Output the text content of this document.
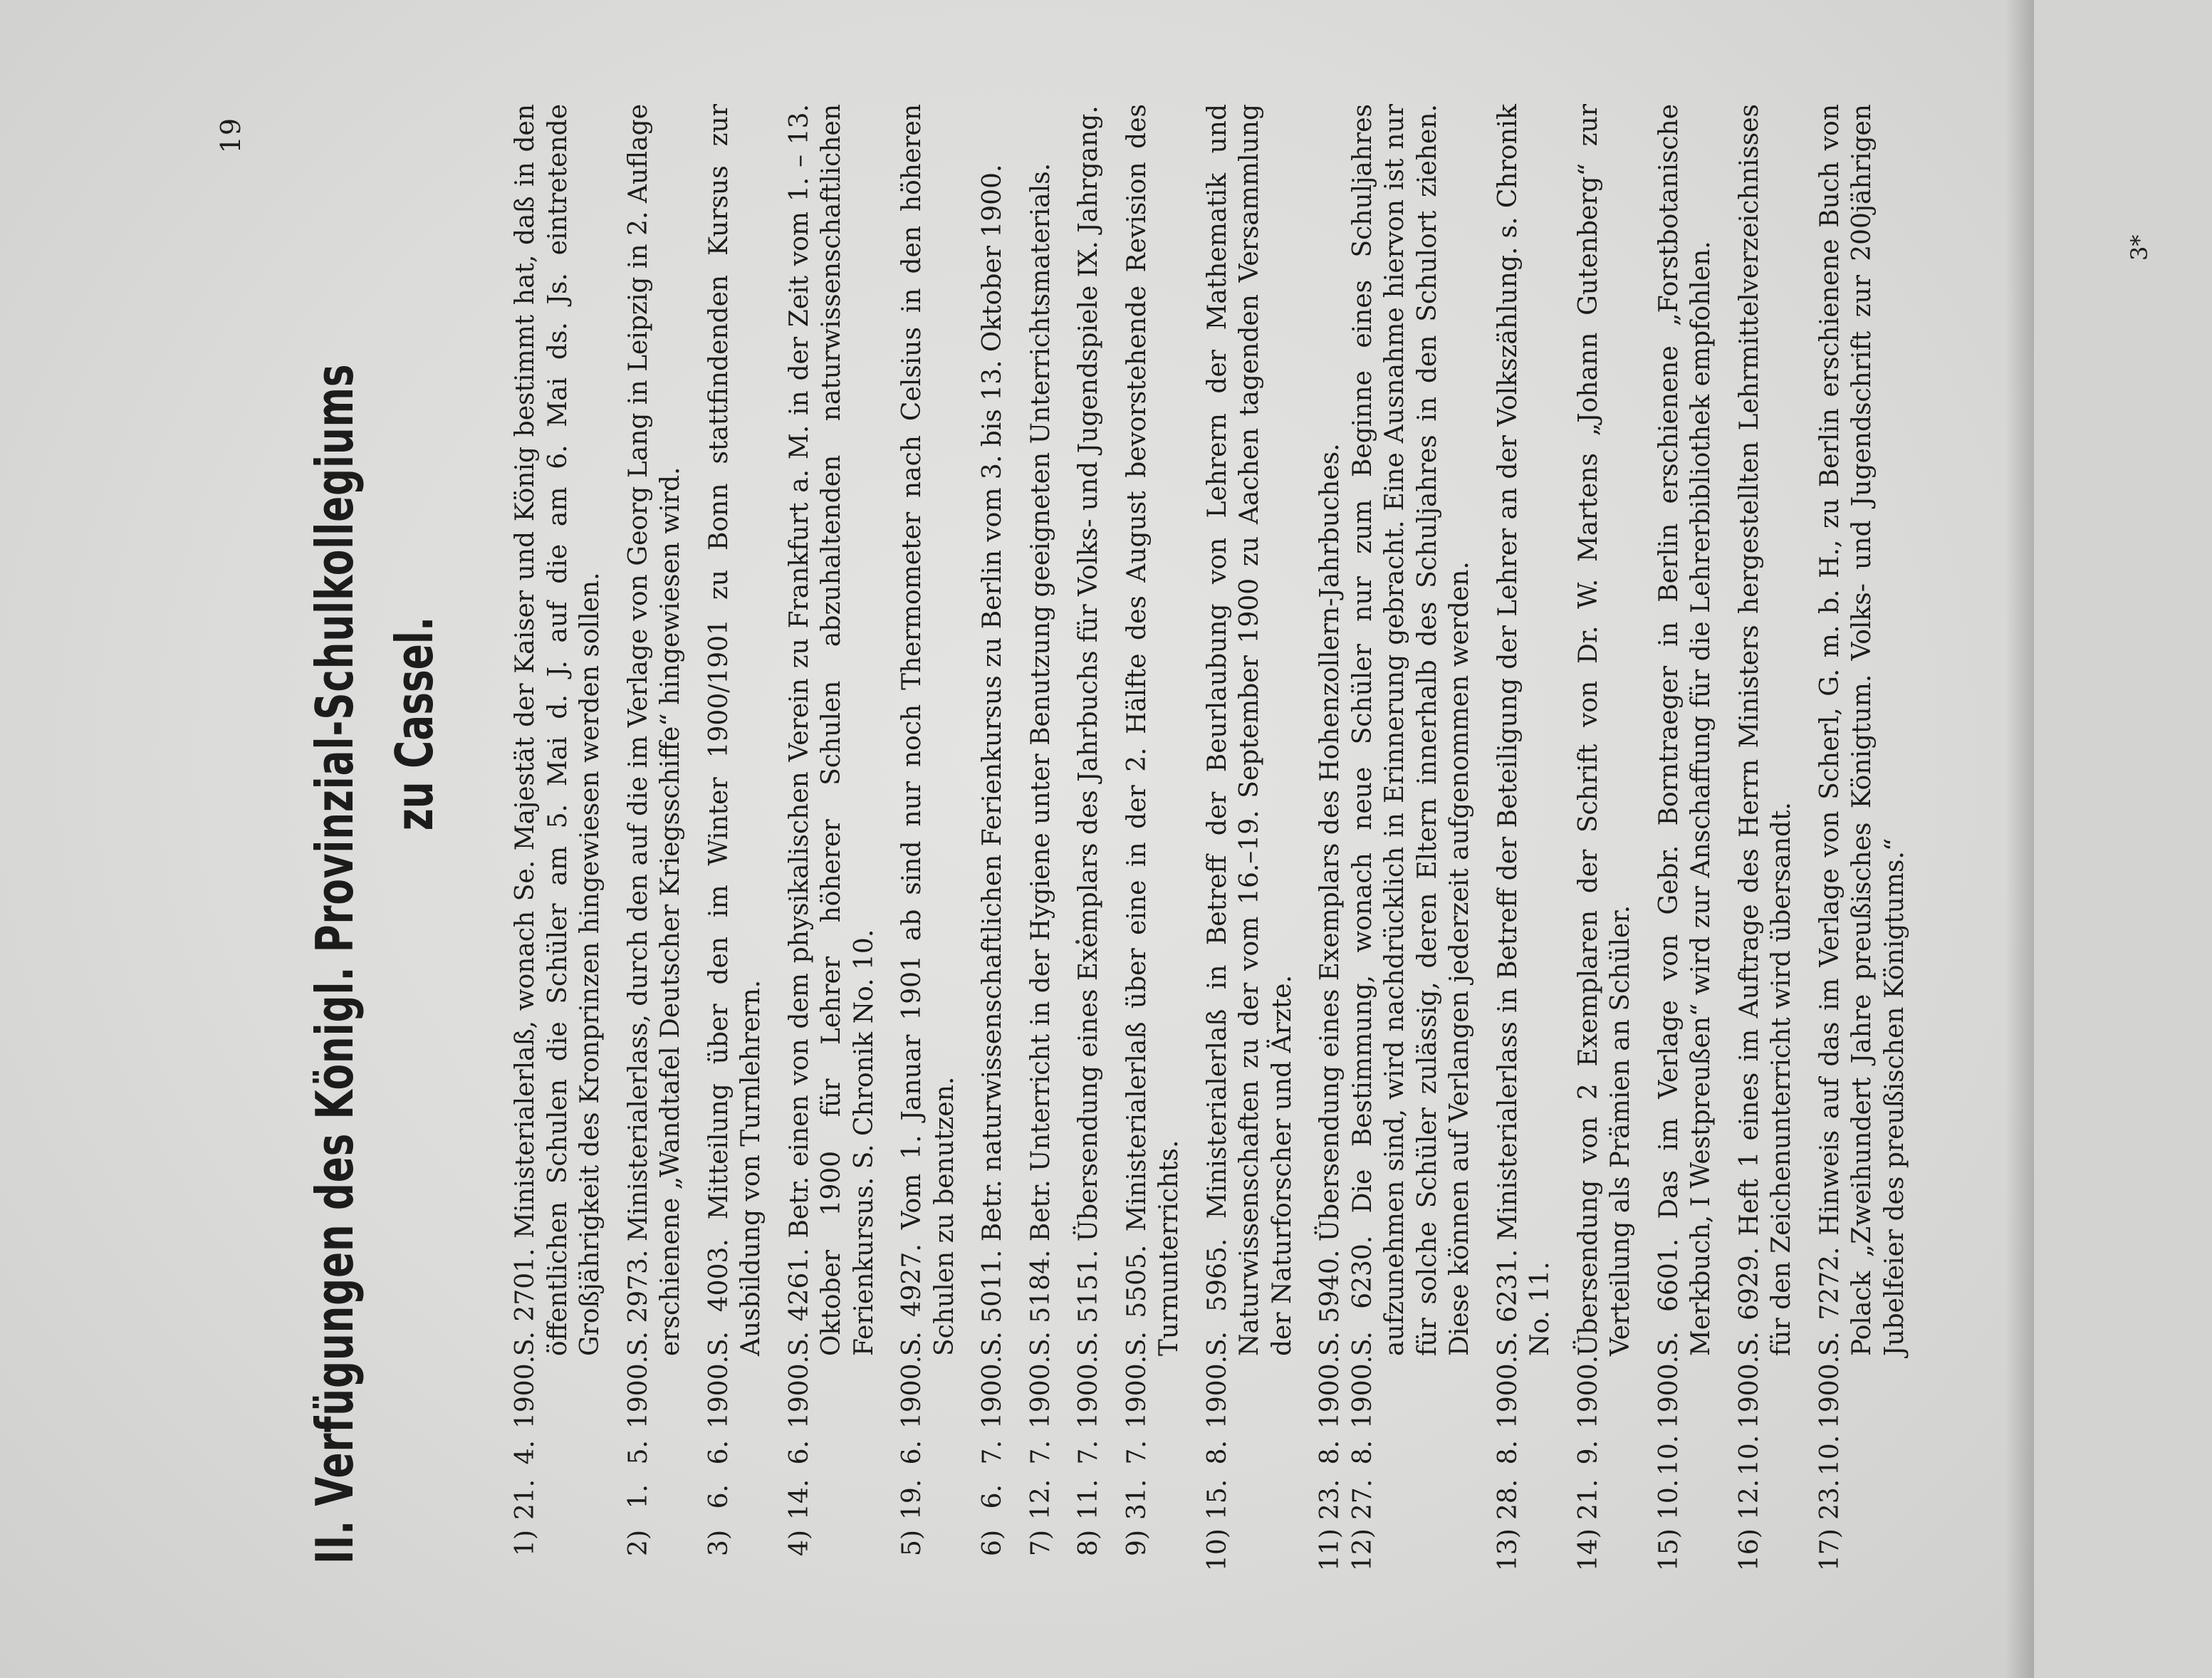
19
II. Verfügungen des Königl. Provinzial-Schulkollegiums zu Cassel.
1)
21.
4.
1900.
S. 2701. Ministerialerlaß, wonach Se. Majestät der Kaiser und König bestimmt hat, daß in den öffentlichen Schulen die Schüler am 5. Mai d. J. auf die am 6. Mai ds. Js. eintretende Großjährigkeit des Kronprinzen hingewiesen werden sollen.
2)
1.
5.
1900.
S. 2973. Ministerialerlass, durch den auf die im Verlage von Georg Lang in Leipzig in 2. Auflage erschienene „Wandtafel Deutscher Kriegsschiffe“ hingewiesen wird.
3)
6.
6.
1900.
S. 4003. Mitteilung über den im Winter 1900/1901 zu Bonn stattfindenden Kursus zur Ausbildung von Turnlehrern.
4)
14.
6.
1900.
S. 4261. Betr. einen von dem physikalischen Verein zu Frankfurt a. M. in der Zeit vom 1. – 13. Oktober 1900 für Lehrer höherer Schulen abzuhaltenden naturwissenschaftlichen Ferienkursus. S. Chronik No. 10.
5)
19.
6.
1900.
S. 4927. Vom 1. Januar 1901 ab sind nur noch Thermometer nach Celsius in den höheren Schulen zu benutzen.
6)
6.
7.
1900.
S. 5011. Betr. naturwissenschaftlichen Ferienkursus zu Berlin vom 3. bis 13. Oktober 1900.
7)
12.
7.
1900.
S. 5184. Betr. Unterricht in der Hygiene unter Benutzung geeigneten Unterrichtsmaterials.
8)
11.
7.
1900.
S. 5151. Übersendung eines Exemplars des Jahrbuchs für Volks- und Jugendspiele IX. Jahrgang.
9)
31.
7.
1900.
S. 5505. Ministerialerlaß über eine in der 2. Hälfte des August bevorstehende Revision des Turnunterrichts.
10)
15.
8.
1900.
S. 5965. Ministerialerlaß in Betreff der Beurlaubung von Lehrern der Mathematik und Naturwissenschaften zu der vom 16.–19. September 1900 zu Aachen tagenden Versammlung der Naturforscher und Ärzte.
11)
23.
8.
1900.
S. 5940. Übersendung eines Exemplars des Hohenzollern-Jahrbuches.
12)
27.
8.
1900.
S. 6230. Die Bestimmung, wonach neue Schüler nur zum Beginne eines Schuljahres aufzunehmen sind, wird nachdrücklich in Erinnerung gebracht. Eine Ausnahme hiervon ist nur für solche Schüler zulässig, deren Eltern innerhalb des Schuljahres in den Schulort ziehen. Diese können auf Verlangen jederzeit aufgenommen werden.
13)
28.
8.
1900.
S. 6231. Ministerialerlass in Betreff der Beteiligung der Lehrer an der Volkszählung. s. Chronik No. 11.
14)
21.
9.
1900.
Übersendung von 2 Exemplaren der Schrift von Dr. W. Martens „Johann Gutenberg“ zur Verteilung als Prämien an Schüler.
15)
10.
10.
1900.
S. 6601. Das im Verlage von Gebr. Borntraeger in Berlin erschienene „Forstbotanische Merkbuch, I Westpreußen“ wird zur Anschaffung für die Lehrerbibliothek empfohlen.
16)
12.
10.
1900.
S. 6929. Heft 1 eines im Auftrage des Herrn Ministers hergestellten Lehrmittelverzeichnisses für den Zeichenunterricht wird übersandt.
17)
23.
10.
1900.
S. 7272. Hinweis auf das im Verlage von Scherl, G. m. b. H., zu Berlin erschienene Buch von Polack „Zweihundert Jahre preußisches Königtum. Volks- und Jugendschrift zur 200jährigen Jubelfeier des preußischen Königtums.“
3*
